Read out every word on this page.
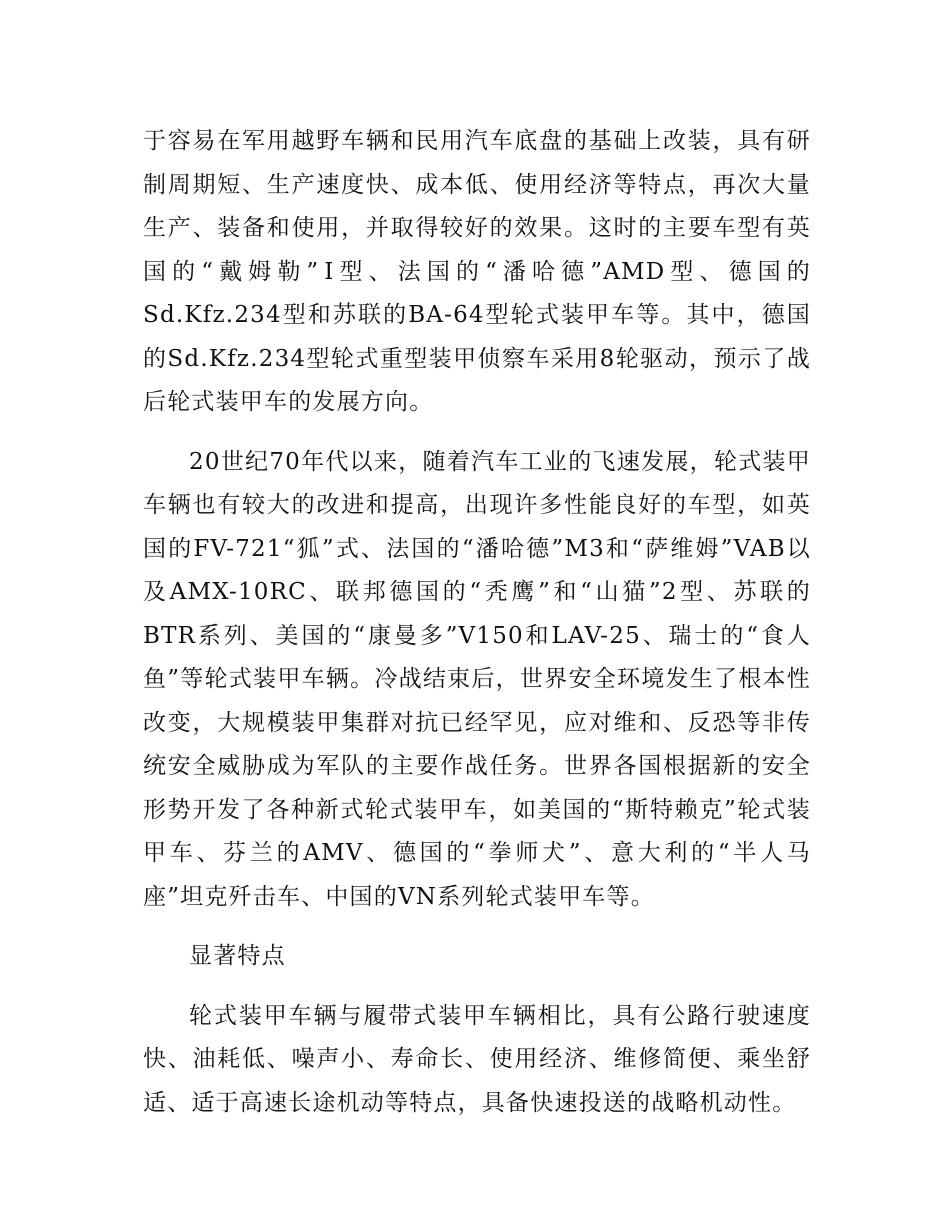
于容易在军用越野车辆和民用汽车底盘的基础上改装，具有研制周期短、生产速度快、成本低、使用经济等特点，再次大量生产、装备和使用，并取得较好的效果。这时的主要车型有英国的“戴姆勒”Ⅰ型、法国的“潘哈德”AMD型、德国的Sd.Kfz.234型和苏联的BA-64型轮式装甲车等。其中，德国的Sd.Kfz.234型轮式重型装甲侦察车采用8轮驱动，预示了战后轮式装甲车的发展方向。

20世纪70年代以来，随着汽车工业的飞速发展，轮式装甲车辆也有较大的改进和提高，出现许多性能良好的车型，如英国的FV-721“狐”式、法国的“潘哈德”M3和“萨维姆”VAB以及AMX-10RC、联邦德国的“秃鹰”和“山猫”2型、苏联的BTR系列、美国的“康曼多”V150和LAV-25、瑞士的“食人鱼”等轮式装甲车辆。冷战结束后，世界安全环境发生了根本性改变，大规模装甲集群对抗已经罕见，应对维和、反恐等非传统安全威胁成为军队的主要作战任务。世界各国根据新的安全形势开发了各种新式轮式装甲车，如美国的“斯特赖克”轮式装甲车、芬兰的AMV、德国的“拳师犬”、意大利的“半人马座”坦克歼击车、中国的VN系列轮式装甲车等。

显著特点

轮式装甲车辆与履带式装甲车辆相比，具有公路行驶速度快、油耗低、噪声小、寿命长、使用经济、维修简便、乘坐舒适、适于高速长途机动等特点，具备快速投送的战略机动性。
